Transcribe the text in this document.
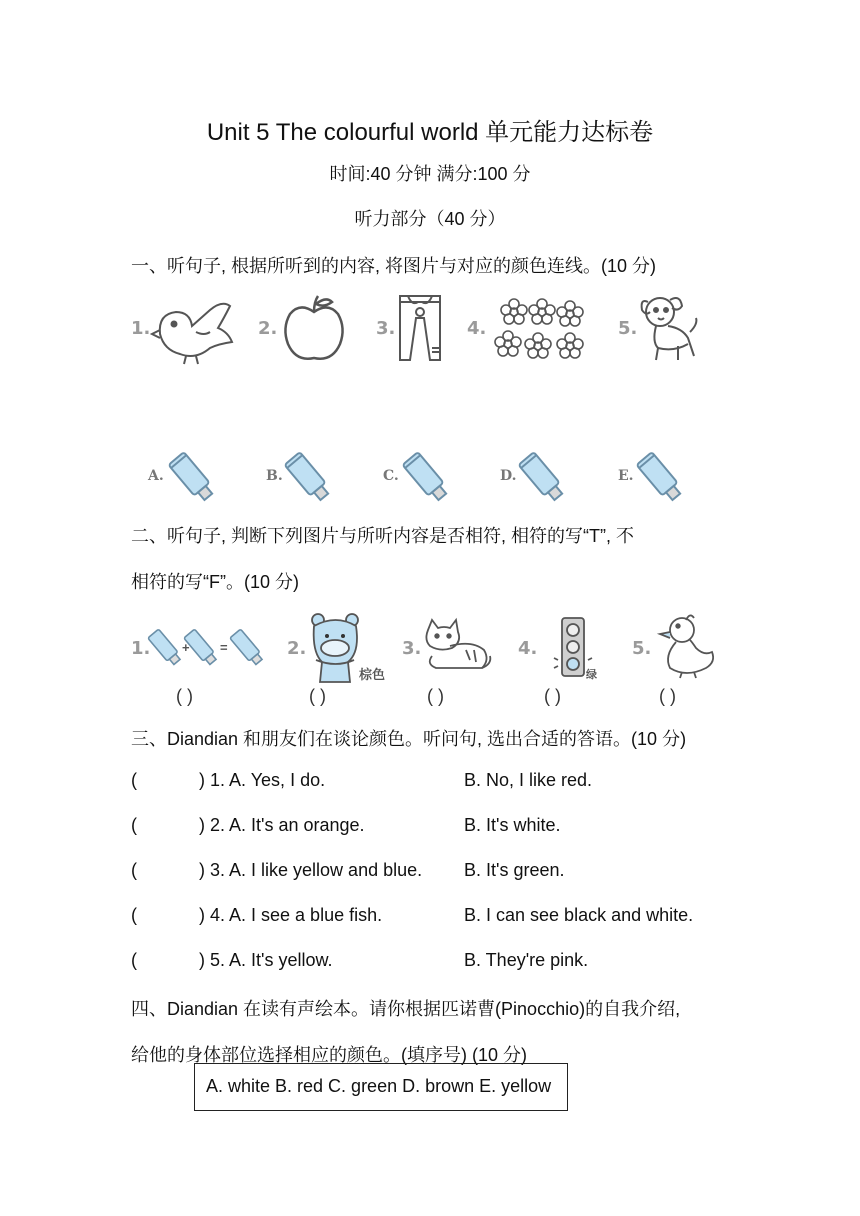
Unit 5 The colourful world 单元能力达标卷
时间:40 分钟 满分:100 分
听力部分（40 分）
一、听句子, 根据所听到的内容, 将图片与对应的颜色连线。(10 分)
1.	2.	3.	4.	5.
A.	B.	C.	D.	E.
二、听句子, 判断下列图片与所听内容是否相符, 相符的写“T”, 不
相符的写“F”。(10 分)
1. + =	2.
棕色
3.	4.
绿
5.
( )	( )	( )	( )	( )
三、Diandian 和朋友们在谈论颜色。听问句, 选出合适的答语。(10 分)
(	) 1. A. Yes, I do.	B. No, I like red.
(	) 2. A. It's an orange.	B. It's white.
(	) 3. A. I like yellow and blue. B. It's green.
(	) 4. A. I see a blue fish.	B. I can see black and white.
(	) 5. A. It's yellow.	B. They're pink.
四、Diandian 在读有声绘本。请你根据匹诺曹(Pinocchio)的自我介绍,
给他的身体部位选择相应的颜色。(填序号) (10 分)
A. white B. red C. green D. brown E. yellow
